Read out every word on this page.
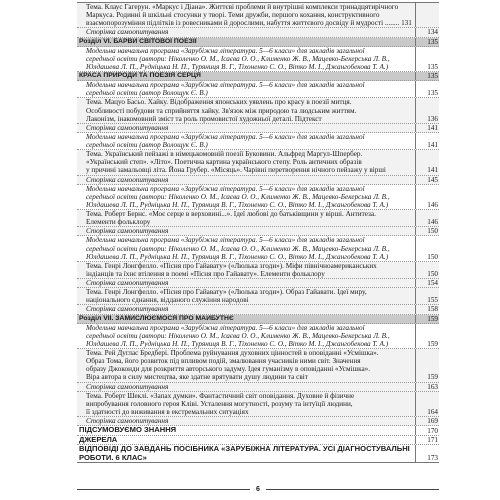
Тема. Клаус Гагерун. «Маркус і Діана». Життєві проблеми й внутрішні комплекси тринадцятирічного
Маркуса. Родинні й шкільні стосунки у творі. Теми дружби, першого кохання, конструктивного
взаємопорозуміння підлітків із ровесниками й дорослими, набуття життєвого досвіду й мудрості ........ 131
Сторінка самоопитування	134
Розділ VI. БАРВИ СВІТОВОЇ ПОЕЗІЇ	135
Модельна навчальна програма «Зарубіжна література. 5—6 класи» для закладів загальної
середньої освіти (автори: Ніколенко О. М., Ісаєва О. О., Клименко Ж. В., Мацевко-Бекерська Л. В.,
Юлдашева Л. П., Рудніцька Н. П., Туряниця В. Г., Тіхоненко С. О., Вітко М. І., Джангобекова Т. А.)	135
КРАСА ПРИРОДИ ТА ПОЕЗІЯ СЕРЦЯ	135
Модельна навчальна програма «Зарубіжна література. 5—6 класи» для закладів загальної
середньої освіти (автор Волощук Є. В.)	135
Тема. Мацуо Басьо. Хайку. Відображення японських уявлень про красу в поезії митця.
Особливості побудови та сприйняття хайку. Зв'язок між природою та людським життям.
Лаконізм, інакомовний зміст та роль промовистої художньої деталі. Підтекст	136
Сторінка самоопитування	141
Модельна навчальна програма «Зарубіжна література. 5—6 класи» для закладів загальної
середньої освіти (автор Волощук Є. В.)	141
Тема. Український пейзажі в німецькомовній поезії Буковини. Альфред Маргул-Шпербер.
«Український степ». «Літо». Поетична картина українського степу. Роль античних образів
у причині замальовці літа. Йона Грубер. «Місяць». Чарівні перетворення нічного пейзажу у вірші	141
Сторінка самоопитування	145
Модельна навчальна програма «Зарубіжна література. 5—6 класи» для закладів загальної
середньої освіти (автори: Ніколенко О. М., Ісаєва О. О., Клименко Ж. В., Мацевко-Бекерська Л. В.,
Юлдашева Л. П., Рудніцька Н. П., Туряниця В. Г., Тіхоненко С. О., Вітко М. І., Джангобекова Т. А.)	146
Тема. Роберт Бернс. «Моє серце в верховині...». Ідеї любові до батьківщини у вірші. Антитеза.
Елементи фольклору	146
Сторінка самоопитування	150
Модельна навчальна програма «Зарубіжна література. 5—6 класи» для закладів загальної
середньої освіти (автори: Ніколенко О. М., Ісаєва О. О., Клименко Ж. В., Мацевко-Бекерська Л. В.,
Юлдашева Л. П., Рудніцька Н. П., Туряниця В. Г., Тіхоненко С. О., Вітко М. І., Джангобекова Т. А.)	150
Тема. Генрі Лонгфелло. «Пісня про Гайавату» («Люлька згоди»). Міфи північноамериканських
індіанців та їхнє втілення в поемі «Пісня про Гайавату». Елементи фольклору	150
Сторінка самоопитування	154
Тема. Генрі Лонгфелло. «Пісня про Гайавату» («Люлька згоди»). Образ Гайавати. Ідеї миру,
національного єднання, відданого служіння народові	155
Сторінка самоопитування	158
Розділ VII. ЗАМИСЛЮЄМОСЯ ПРО МАЙБУТНЄ	159
Модельна навчальна програма «Зарубіжна література. 5—6 класи» для закладів загальної
середньої освіти (автори: Ніколенко О. М., Ісаєва О. О., Клименко Ж. В., Мацевко-Бекерська Л. В.,
Юлдашева Л. П., Рудніцька Н. П., Туряниця В. Г., Тіхоненко С. О., Вітко М. І., Джангобекова Т. А.)	159
Тема. Рей Дуглас Бредбері. Проблема руйнування духовних цінностей в оповіданні «Усмішка».
Образ Тома, його розвиток під впливом подій, змалювання учасників ними світ. Значення
образу Джоконди для розкриття авторського задуму. Ідея гуманізму в оповіданні «Усмішка».
Віра автора в силу мистецтва, яке здатне врятувати душу людини та світ	159
Сторінка самоопитування	163
Тема. Роберт Шеклі. «Запах думки». Фантастичний світ оповідання. Духовне й фізичне
випробування головного героя Клівi. Усталення могутності, розуму та інтуїції людини,
її здатності до виживання в екстремальних ситуаціях	164
Сторінка самоопитування	169
ПІДСУМОВУЄМО ЗНАННЯ	170
ДЖЕРЕЛА	171
ВІДПОВІДІ ДО ЗАВДАНЬ ПОСІБНИКА «ЗАРУБІЖНА ЛІТЕРАТУРА. УСІ ДІАГНОСТУВАЛЬНІ
РОБОТИ. 6 КЛАС»	173
6
